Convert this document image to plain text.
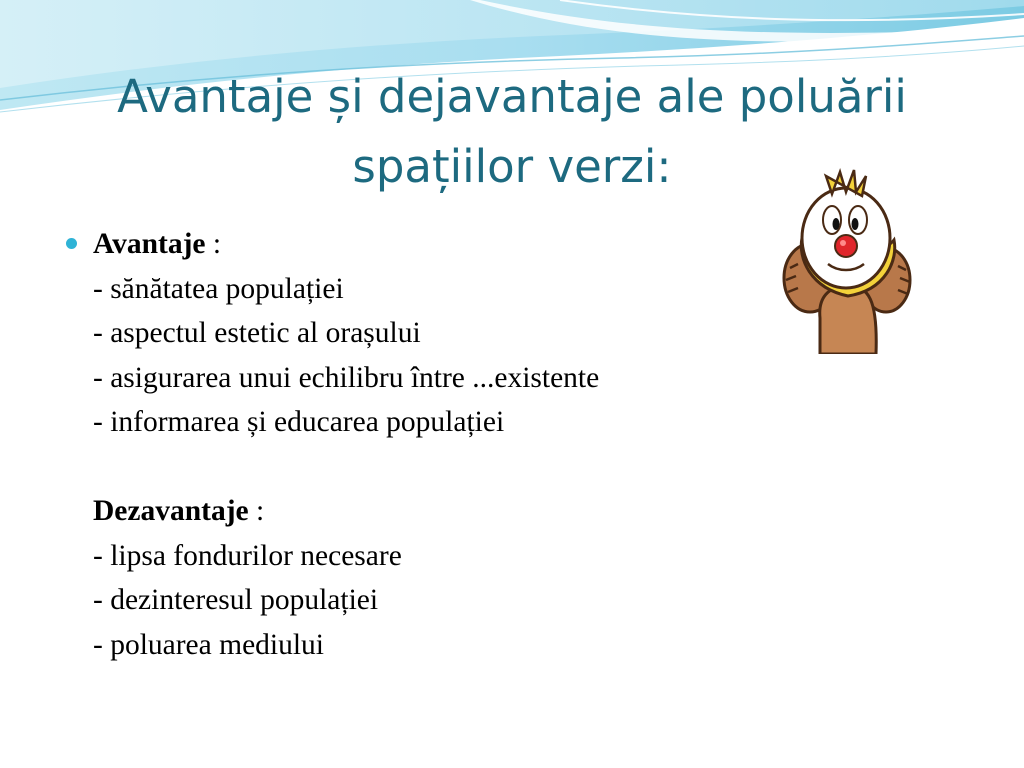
Avantaje și dejavantaje ale poluării
spațiilor verzi:
Avantaje :
- sănătatea populației
- aspectul estetic al orașului
- asigurarea unui echilibru între ...existente
- informarea și educarea populației
Dezavantaje :
- lipsa fondurilor necesare
- dezinteresul populației
- poluarea mediului
